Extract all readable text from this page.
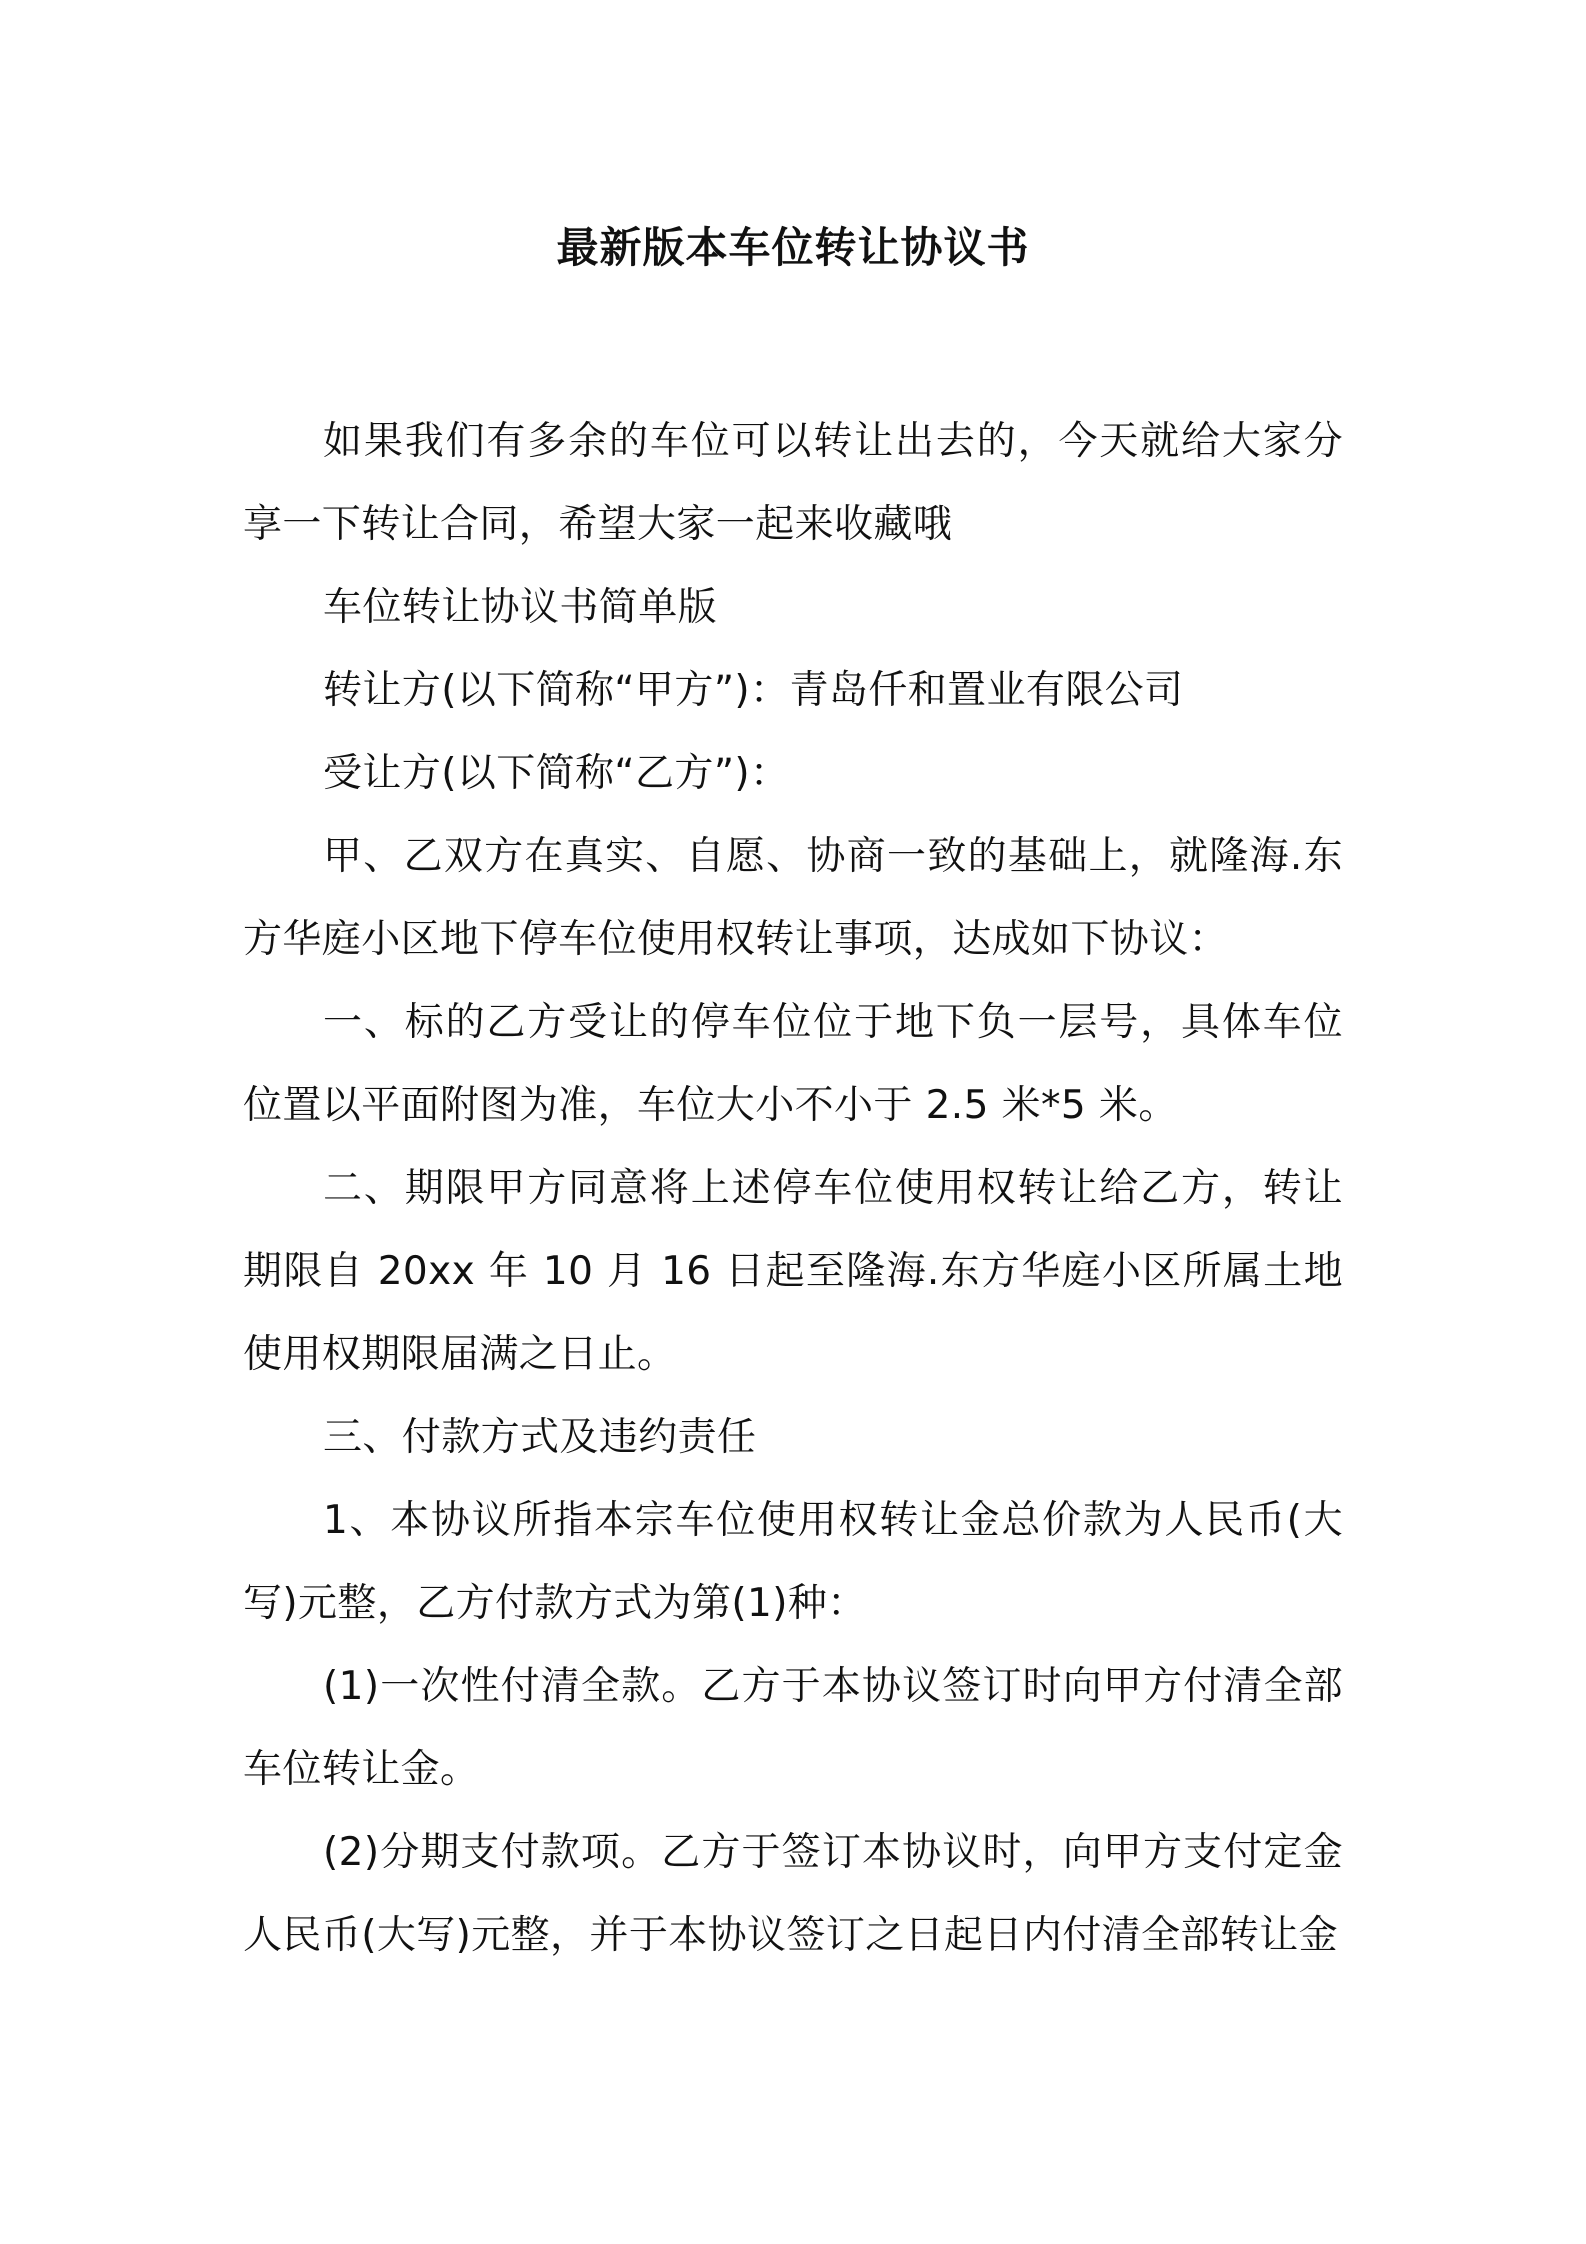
最新版本车位转让协议书

如果我们有多余的车位可以转让出去的，今天就给大家分享一下转让合同，希望大家一起来收藏哦

车位转让协议书简单版

转让方(以下简称“甲方”)：青岛仟和置业有限公司

受让方(以下简称“乙方”)：

甲、乙双方在真实、自愿、协商一致的基础上，就隆海.东方华庭小区地下停车位使用权转让事项，达成如下协议：

一、标的乙方受让的停车位位于地下负一层号，具体车位位置以平面附图为准，车位大小不小于 2.5 米*5 米。

二、期限甲方同意将上述停车位使用权转让给乙方，转让期限自 20xx 年 10 月 16 日起至隆海.东方华庭小区所属土地使用权期限届满之日止。

三、付款方式及违约责任

1、本协议所指本宗车位使用权转让金总价款为人民币(大写)元整，乙方付款方式为第(1)种：

(1)一次性付清全款。乙方于本协议签订时向甲方付清全部车位转让金。

(2)分期支付款项。乙方于签订本协议时，向甲方支付定金人民币(大写)元整，并于本协议签订之日起日内付清全部转让金
